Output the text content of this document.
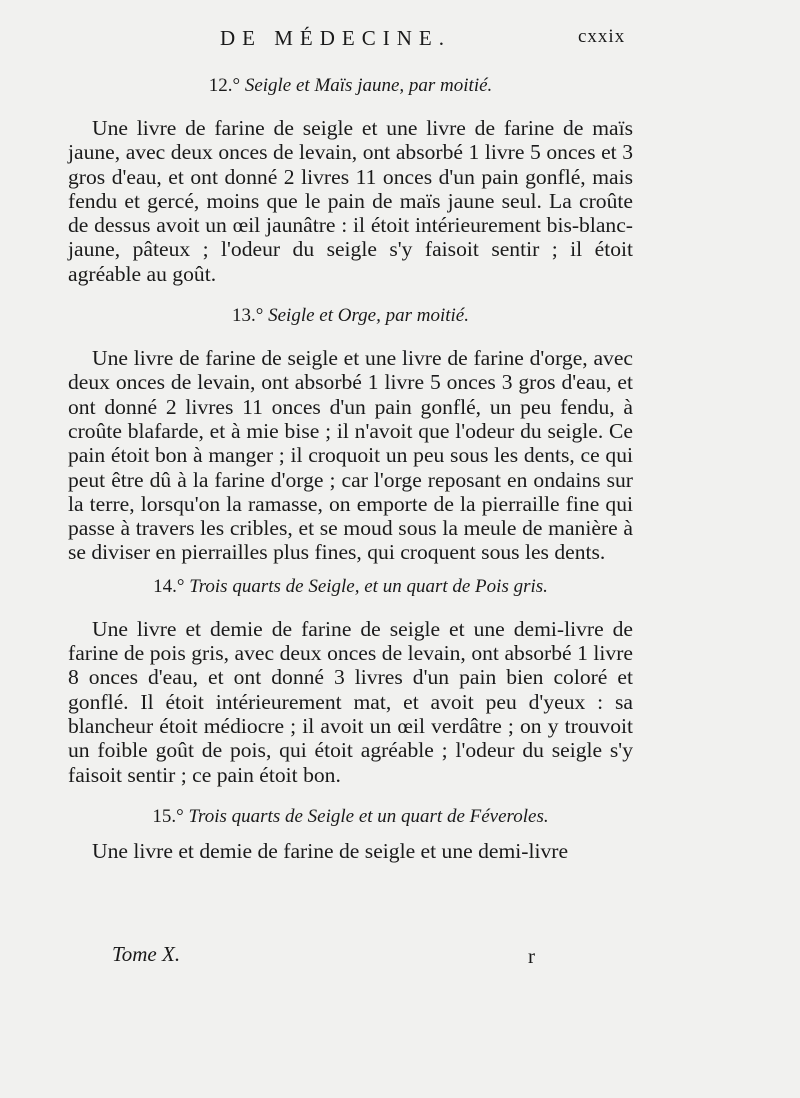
DE MÉDECINE.	cxxix

12.° Seigle et Maïs jaune, par moitié.

Une livre de farine de seigle et une livre de farine de maïs jaune, avec deux onces de levain, ont absorbé 1 livre 5 onces et 3 gros d'eau, et ont donné 2 livres 11 onces d'un pain gonflé, mais fendu et gercé, moins que le pain de maïs jaune seul. La croûte de dessus avoit un œil jaunâtre : il étoit intérieurement bis-blanc-jaune, pâteux ; l'odeur du seigle s'y faisoit sentir ; il étoit agréable au goût.

13.° Seigle et Orge, par moitié.

Une livre de farine de seigle et une livre de farine d'orge, avec deux onces de levain, ont absorbé 1 livre 5 onces 3 gros d'eau, et ont donné 2 livres 11 onces d'un pain gonflé, un peu fendu, à croûte blafarde, et à mie bise ; il n'avoit que l'odeur du seigle. Ce pain étoit bon à manger ; il croquoit un peu sous les dents, ce qui peut être dû à la farine d'orge ; car l'orge reposant en ondains sur la terre, lorsqu'on la ramasse, on emporte de la pierraille fine qui passe à travers les cribles, et se moud sous la meule de manière à se diviser en pierrailles plus fines, qui croquent sous les dents.

14.° Trois quarts de Seigle, et un quart de Pois gris.

Une livre et demie de farine de seigle et une demi-livre de farine de pois gris, avec deux onces de levain, ont absorbé 1 livre 8 onces d'eau, et ont donné 3 livres d'un pain bien coloré et gonflé. Il étoit intérieurement mat, et avoit peu d'yeux : sa blancheur étoit médiocre ; il avoit un œil verdâtre ; on y trouvoit un foible goût de pois, qui étoit agréable ; l'odeur du seigle s'y faisoit sentir ; ce pain étoit bon.

15.° Trois quarts de Seigle et un quart de Féveroles.

Une livre et demie de farine de seigle et une demi-livre

Tome X.	r
